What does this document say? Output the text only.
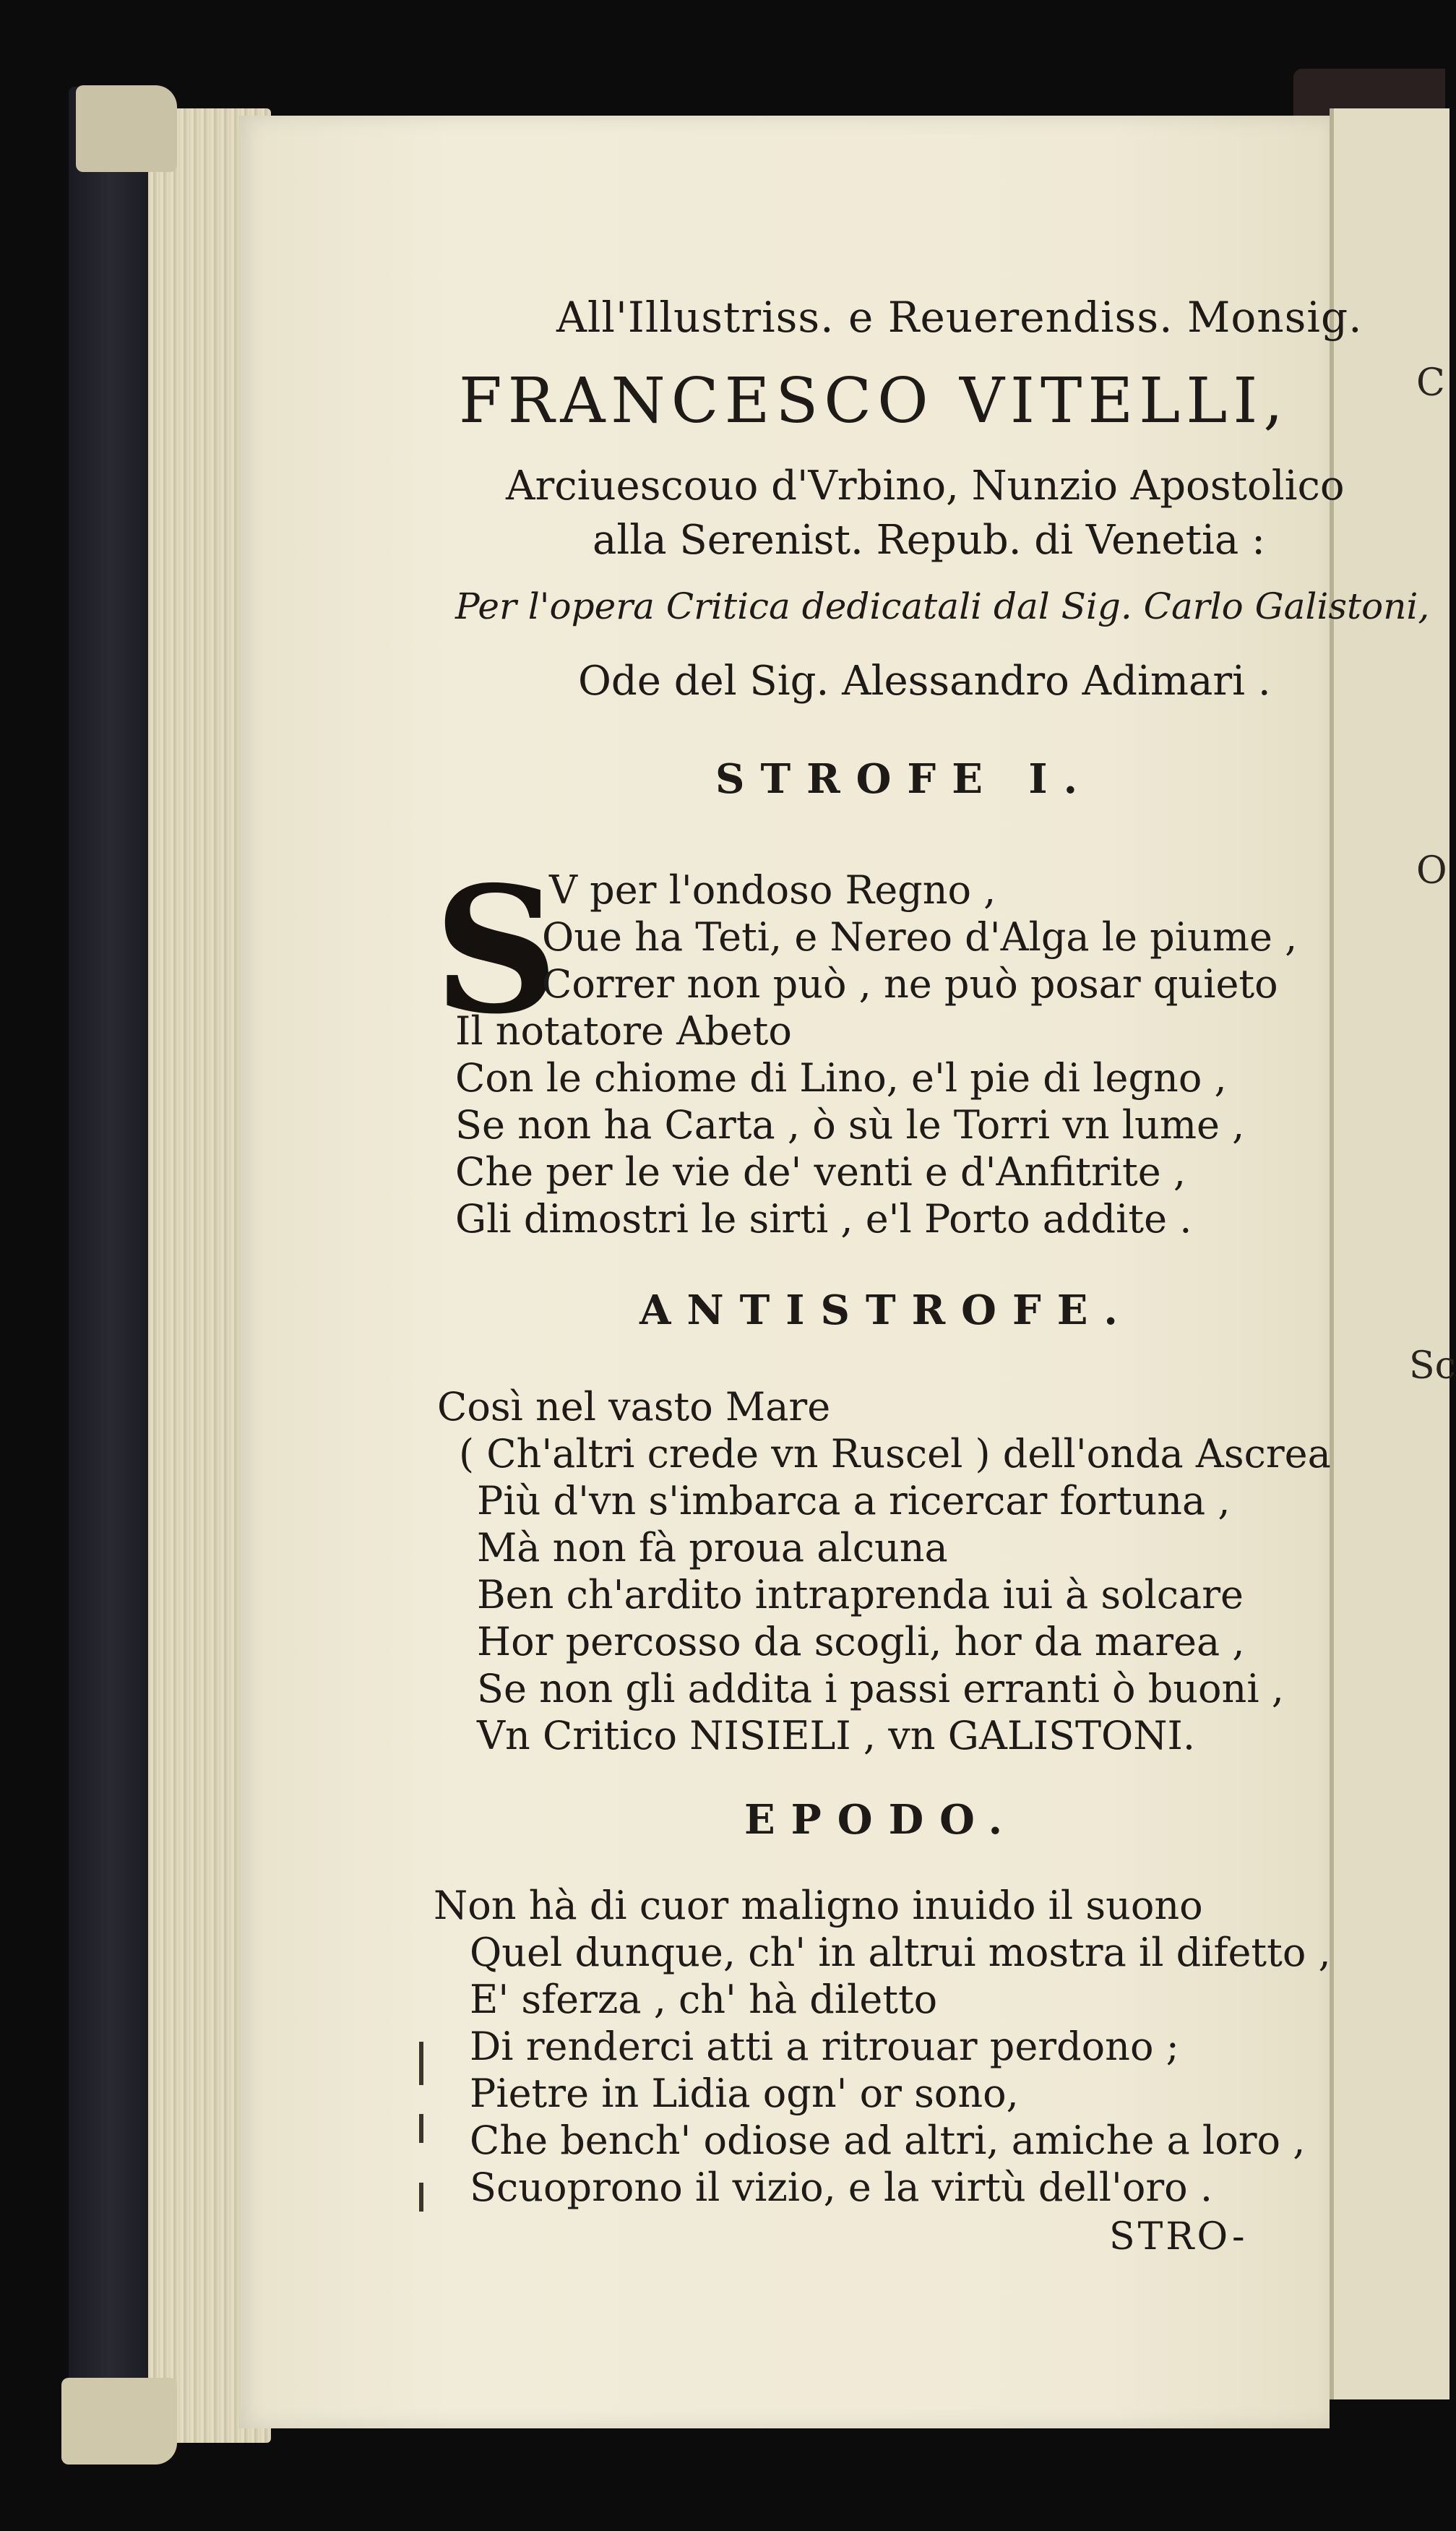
C
O
Sc

All'Illustriss. e Reuerendiss. Monsig.

FRANCESCO VITELLI,

Arciuescouo d'Vrbino, Nunzio Apostolico

alla Serenist. Repub. di Venetia :

Per l'opera Critica dedicatali dal Sig. Carlo Galistoni,

Ode del Sig. Alessandro Adimari .

STROFE I.

S

V per l'ondoso Regno ,

Oue ha Teti, e Nereo d'Alga le piume ,

Correr non può , ne può posar quieto

Il notatore Abeto

Con le chiome di Lino, e'l pie di legno ,

Se non ha Carta , ò sù le Torri vn lume ,

Che per le vie de' venti e d'Anfitrite ,

Gli dimostri le sirti , e'l Porto addite .

ANTISTROFE.

Così nel vasto Mare

( Ch'altri crede vn Ruscel ) dell'onda Ascrea

Più d'vn s'imbarca a ricercar fortuna ,

Mà non fà proua alcuna

Ben ch'ardito intraprenda iui à solcare

Hor percosso da scogli, hor da marea ,

Se non gli addita i passi erranti ò buoni ,

Vn Critico NISIELI , vn GALISTONI.

EPODO.

Non hà di cuor maligno inuido il suono

Quel dunque, ch' in altrui mostra il difetto ,

E' sferza , ch' hà diletto

Di renderci atti a ritrouar perdono ;

Pietre in Lidia ogn' or sono,

Che bench' odiose ad altri, amiche a loro ,

Scuoprono il vizio, e la virtù dell'oro .

STRO-
